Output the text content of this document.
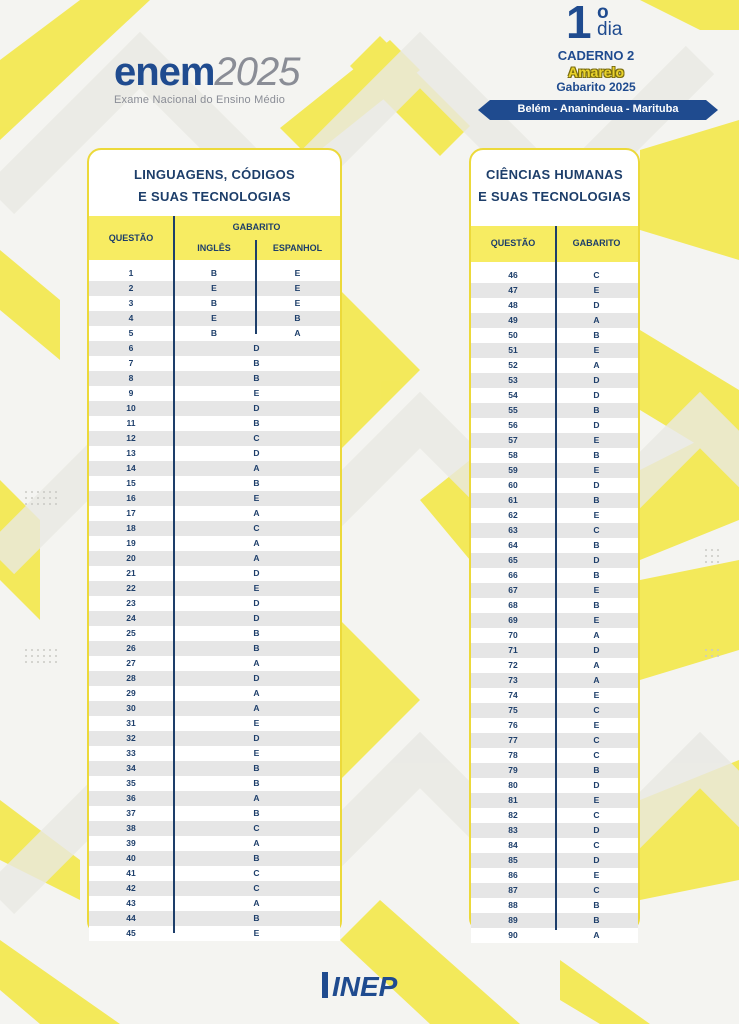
enem2025
Exame Nacional do Ensino Médio
1 o
dia
CADERNO 2
Amarelo
Gabarito 2025
Belém - Ananindeua - Marituba
LINGUAGENS, CÓDIGOS
E SUAS TECNOLOGIAS
QUESTÃO
GABARITO
INGLÊS	ESPANHOL
1	B	E
2	E	E
3	B	E
4	E	B
5	B	A
6	D
7	B
8	B
9	E
10	D
11	B
12	C
13	D
14	A
15	B
16	E
17	A
18	C
19	A
20	A
21	D
22	E
23	D
24	D
25	B
26	B
27	A
28	D
29	A
30	A
31	E
32	D
33	E
34	B
35	B
36	A
37	B
38	C
39	A
40	B
41	C
42	C
43	A
44	B
45	E
CIÊNCIAS HUMANAS
E SUAS TECNOLOGIAS
QUESTÃO	GABARITO
46	C
47	E
48	D
49	A
50	B
51	E
52	A
53	D
54	D
55	B
56	D
57	E
58	B
59	E
60	D
61	B
62	E
63	C
64	B
65	D
66	B
67	E
68	B
69	E
70	A
71	D
72	A
73	A
74	E
75	C
76	E
77	C
78	C
79	B
80	D
81	E
82	C
83	D
84	C
85	D
86	E
87	C
88	B
89	B
90	A
INEP
